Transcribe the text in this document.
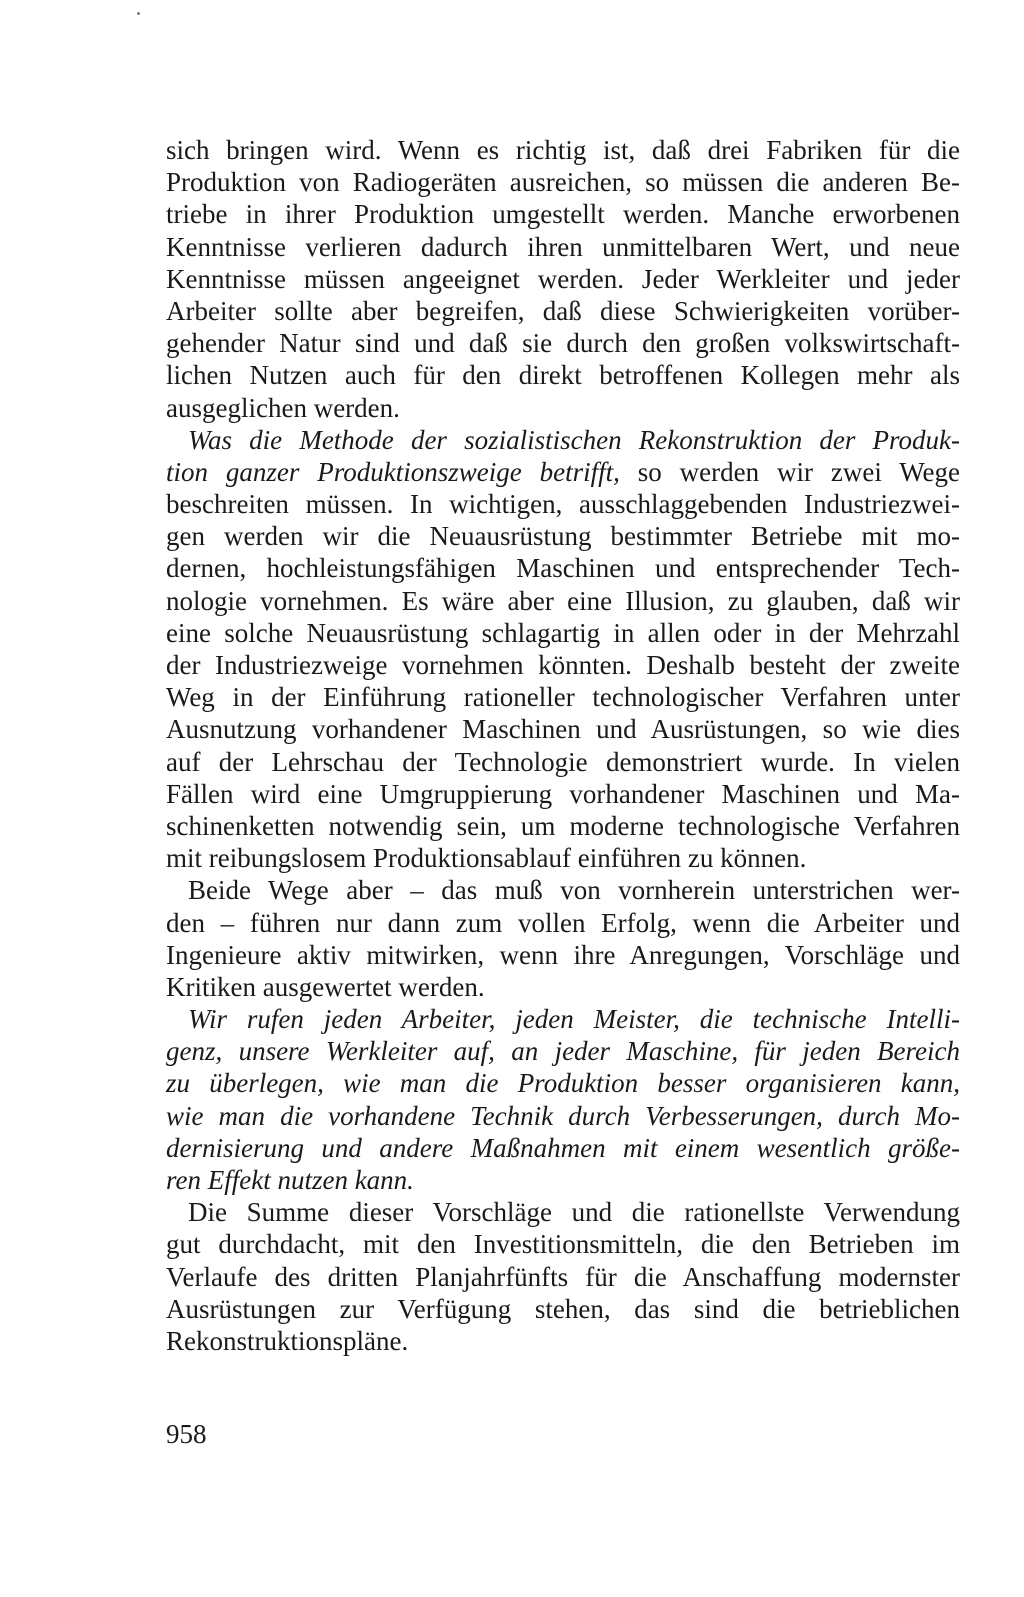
sich bringen wird. Wenn es richtig ist, daß drei Fabriken für die
Produktion von Radiogeräten ausreichen, so müssen die anderen Be-
triebe in ihrer Produktion umgestellt werden. Manche erworbenen
Kenntnisse verlieren dadurch ihren unmittelbaren Wert, und neue
Kenntnisse müssen angeeignet werden. Jeder Werkleiter und jeder
Arbeiter sollte aber begreifen, daß diese Schwierigkeiten vorüber-
gehender Natur sind und daß sie durch den großen volkswirtschaft-
lichen Nutzen auch für den direkt betroffenen Kollegen mehr als
ausgeglichen werden.
Was die Methode der sozialistischen Rekonstruktion der Produk-
tion ganzer Produktionszweige betrifft, so werden wir zwei Wege
beschreiten müssen. In wichtigen, ausschlaggebenden Industriezwei-
gen werden wir die Neuausrüstung bestimmter Betriebe mit mo-
dernen, hochleistungsfähigen Maschinen und entsprechender Tech-
nologie vornehmen. Es wäre aber eine Illusion, zu glauben, daß wir
eine solche Neuausrüstung schlagartig in allen oder in der Mehrzahl
der Industriezweige vornehmen könnten. Deshalb besteht der zweite
Weg in der Einführung rationeller technologischer Verfahren unter
Ausnutzung vorhandener Maschinen und Ausrüstungen, so wie dies
auf der Lehrschau der Technologie demonstriert wurde. In vielen
Fällen wird eine Umgruppierung vorhandener Maschinen und Ma-
schinenketten notwendig sein, um moderne technologische Verfahren
mit reibungslosem Produktionsablauf einführen zu können.
Beide Wege aber – das muß von vornherein unterstrichen wer-
den – führen nur dann zum vollen Erfolg, wenn die Arbeiter und
Ingenieure aktiv mitwirken, wenn ihre Anregungen, Vorschläge und
Kritiken ausgewertet werden.
Wir rufen jeden Arbeiter, jeden Meister, die technische Intelli-
genz, unsere Werkleiter auf, an jeder Maschine, für jeden Bereich
zu überlegen, wie man die Produktion besser organisieren kann,
wie man die vorhandene Technik durch Verbesserungen, durch Mo-
dernisierung und andere Maßnahmen mit einem wesentlich größe-
ren Effekt nutzen kann.
Die Summe dieser Vorschläge und die rationellste Verwendung
gut durchdacht, mit den Investitionsmitteln, die den Betrieben im
Verlaufe des dritten Planjahrfünfts für die Anschaffung modernster
Ausrüstungen zur Verfügung stehen, das sind die betrieblichen
Rekonstruktionspläne.
958
